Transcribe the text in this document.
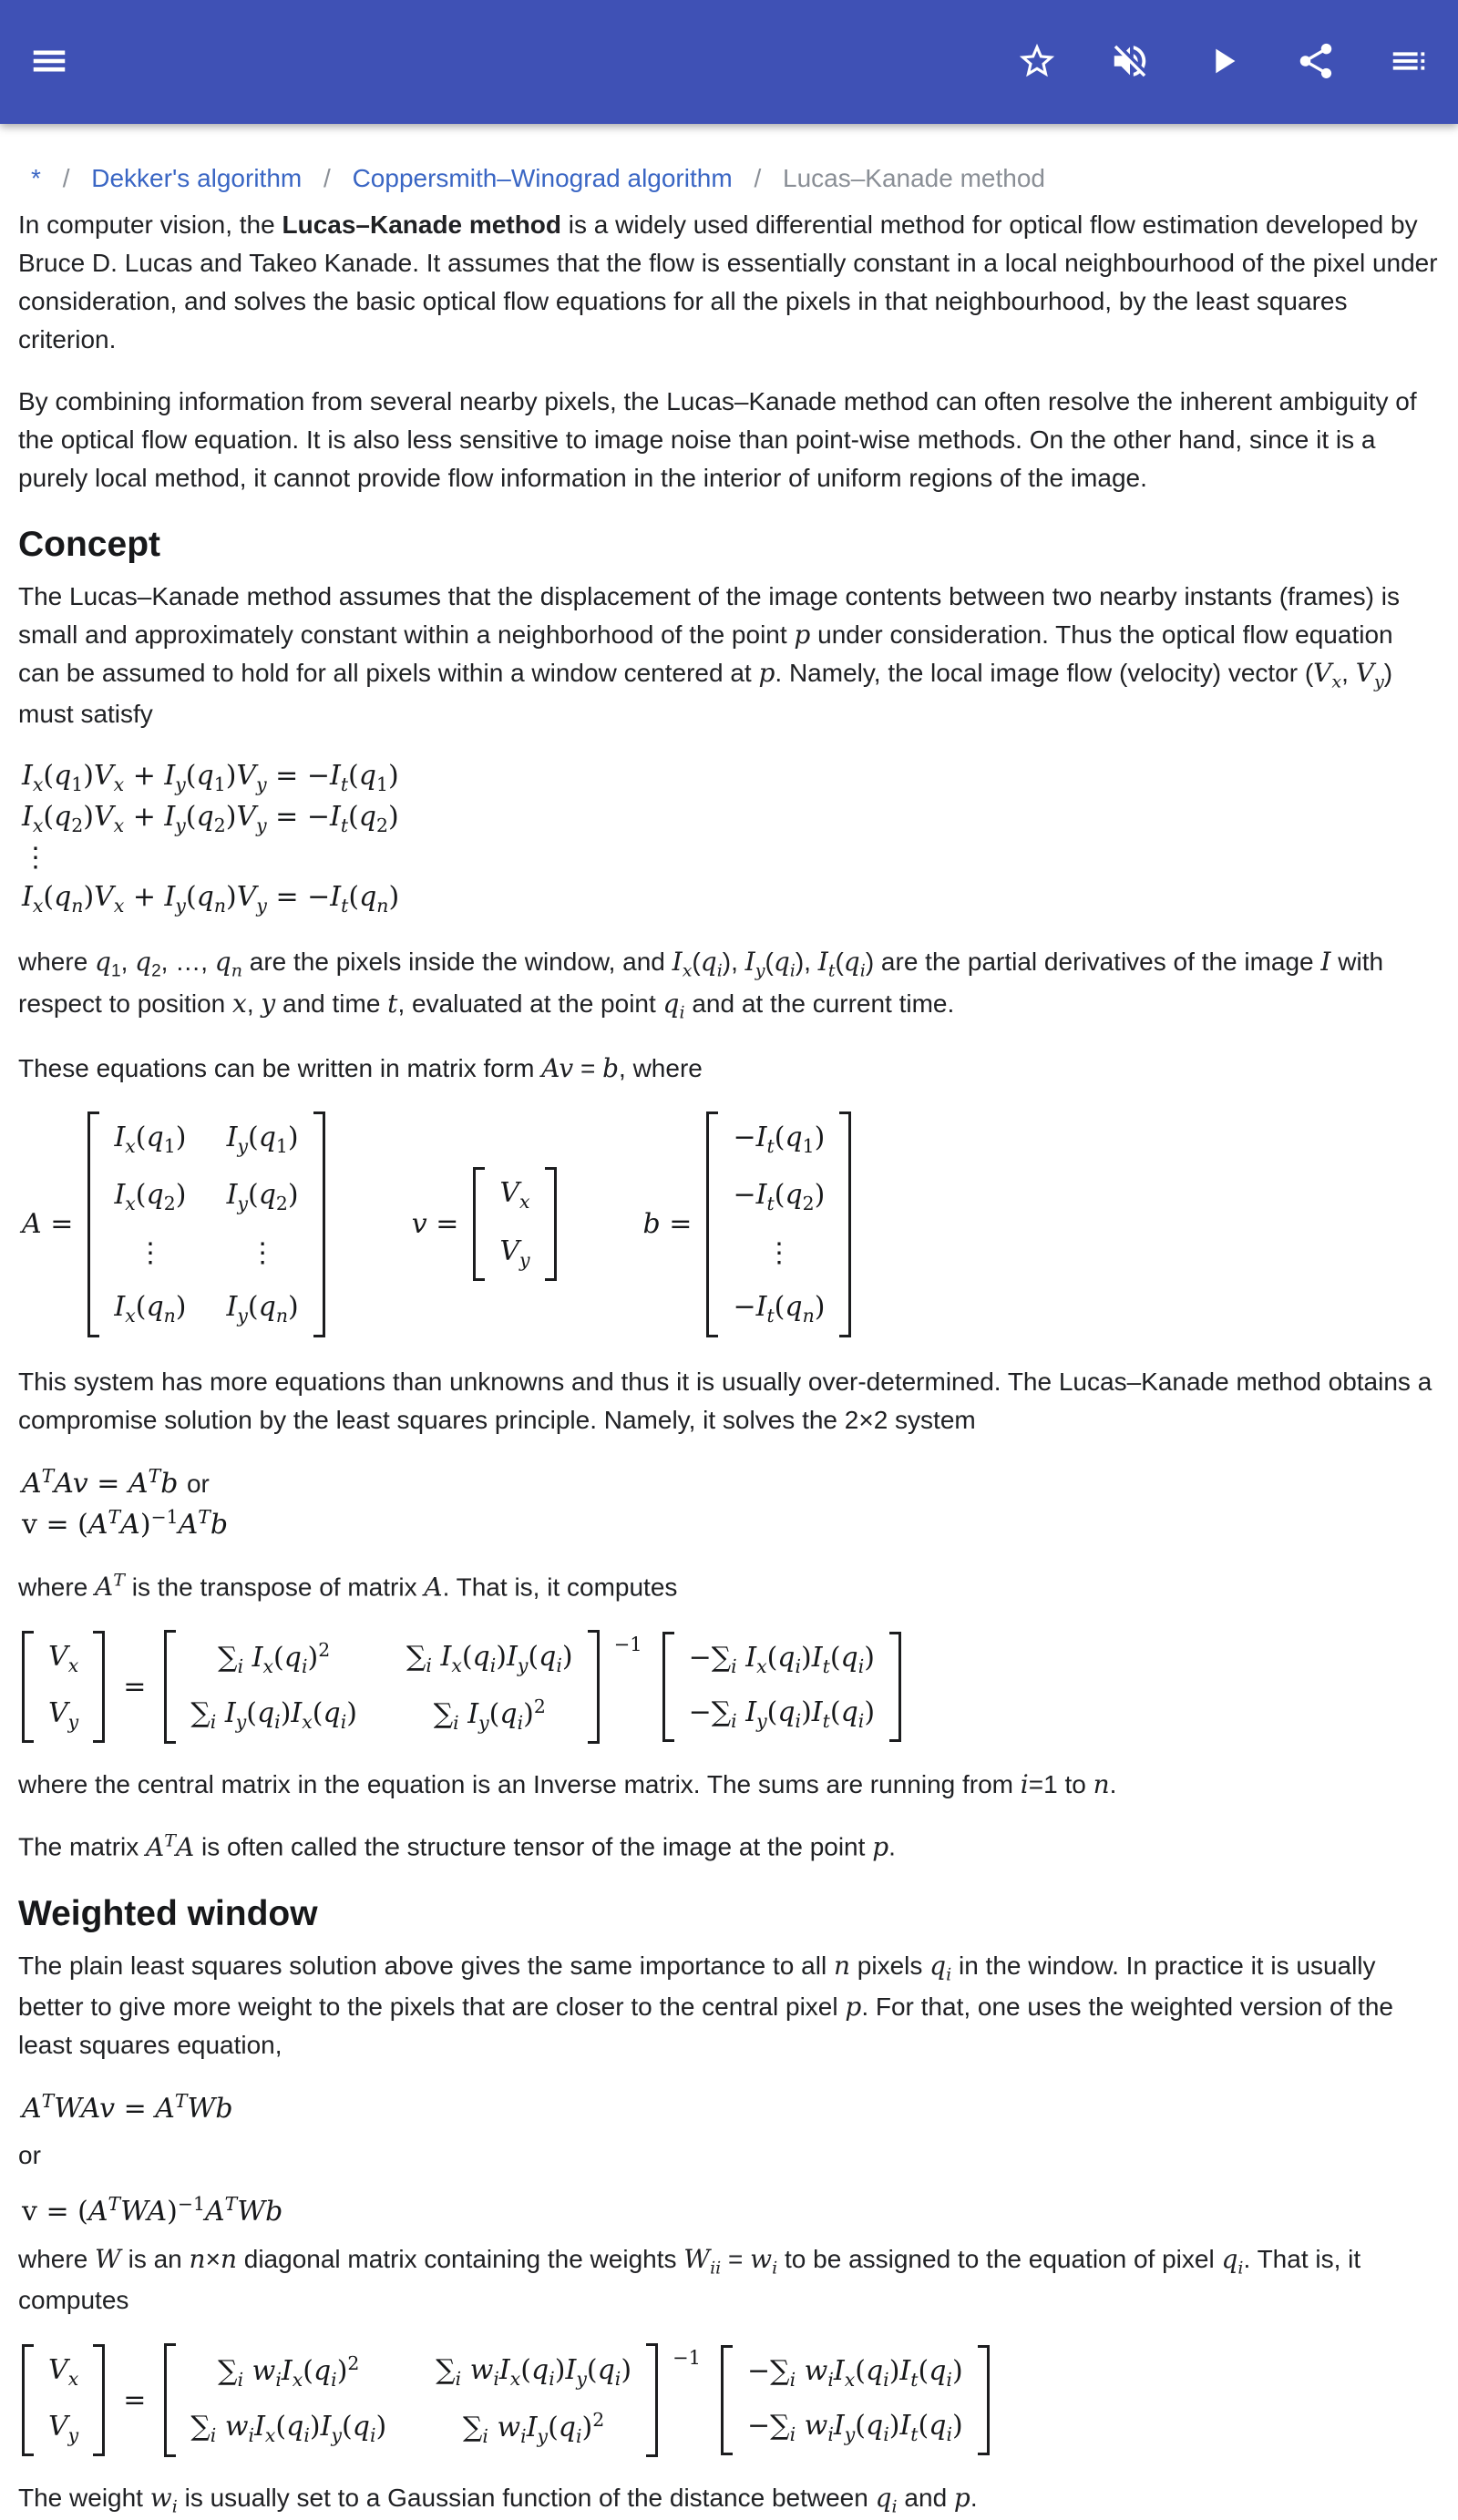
* / Dekker's algorithm / Coppersmith–Winograd algorithm / Lucas–Kanade method

In computer vision, the Lucas–Kanade method is a widely used differential method for optical flow estimation developed by Bruce D. Lucas and Takeo Kanade. It assumes that the flow is essentially constant in a local neighbourhood of the pixel under consideration, and solves the basic optical flow equations for all the pixels in that neighbourhood, by the least squares criterion.

By combining information from several nearby pixels, the Lucas–Kanade method can often resolve the inherent ambiguity of the optical flow equation. It is also less sensitive to image noise than point-wise methods. On the other hand, since it is a purely local method, it cannot provide flow information in the interior of uniform regions of the image.

Concept

The Lucas–Kanade method assumes that the displacement of the image contents between two nearby instants (frames) is small and approximately constant within a neighborhood of the point p under consideration. Thus the optical flow equation can be assumed to hold for all pixels within a window centered at p. Namely, the local image flow (velocity) vector ($V_x$, $V_y$) must satisfy

$I_x(q_1)V_x + I_y(q_1)V_y = -I_t(q_1)$
$I_x(q_2)V_x + I_y(q_2)V_y = -I_t(q_2)$
⋮
$I_x(q_n)V_x + I_y(q_n)V_y = -I_t(q_n)$

where $q_1$, $q_2$, …, $q_n$ are the pixels inside the window, and $I_x(q_i)$, $I_y(q_i)$, $I_t(q_i)$ are the partial derivatives of the image I with respect to position x, y and time t, evaluated at the point $q_i$ and at the current time.

These equations can be written in matrix form Av = b, where

A =
$I_x(q_1)$ $I_y(q_1)$
$I_x(q_2)$ $I_y(q_2)$
⋮	⋮
$I_x(q_n)$ $I_y(q_n)$
v =
$V_x$
$V_y$
b =
$-I_t(q_1)$
$-I_t(q_2)$
⋮
$-I_t(q_n)$

This system has more equations than unknowns and thus it is usually over-determined. The Lucas–Kanade method obtains a compromise solution by the least squares principle. Namely, it solves the 2×2 system

$A^TAv = A^Tb$ or
$v = (A^TA)^{-1}A^Tb$

where $A^T$ is the transpose of matrix A. That is, it computes

$V_x$
$V_y$
=
$\sum_i$ $I_x(q_i)^2$	$\sum_i$ $I_x(q_i)I_y(q_i)$
$\sum_i$ $I_y(q_i)I_x(q_i)$	$\sum_i$ $I_y(q_i)^2$
$^{-1} -\sum_i$ $I_x(q_i)I_t(q_i)$
$-\sum_i$ $I_y(q_i)I_t(q_i)$

where the central matrix in the equation is an Inverse matrix. The sums are running from i=1 to n.

The matrix $A^TA$ is often called the structure tensor of the image at the point p.

Weighted window

The plain least squares solution above gives the same importance to all n pixels $q_i$ in the window. In practice it is usually better to give more weight to the pixels that are closer to the central pixel p. For that, one uses the weighted version of the least squares equation,

$A^TWAv = A^TWb$

or

$v = (A^TWA)^{-1}A^TWb$

where W is an n×n diagonal matrix containing the weights $W_{ii} = w_i$ to be assigned to the equation of pixel $q_i$. That is, it computes

$V_x$
$V_y$
=
$\sum_i$ $w_iI_x(q_i)^2$	$\sum_i$ $w_iI_x(q_i)I_y(q_i)$
$\sum_i$ $w_iI_x(q_i)I_y(q_i)$	$\sum_i$ $w_iI_y(q_i)^2$
$^{-1} -\sum_i$ $w_iI_x(q_i)I_t(q_i)$
$-\sum_i$ $w_iI_y(q_i)I_t(q_i)$

The weight $w_i$ is usually set to a Gaussian function of the distance between $q_i$ and p.
